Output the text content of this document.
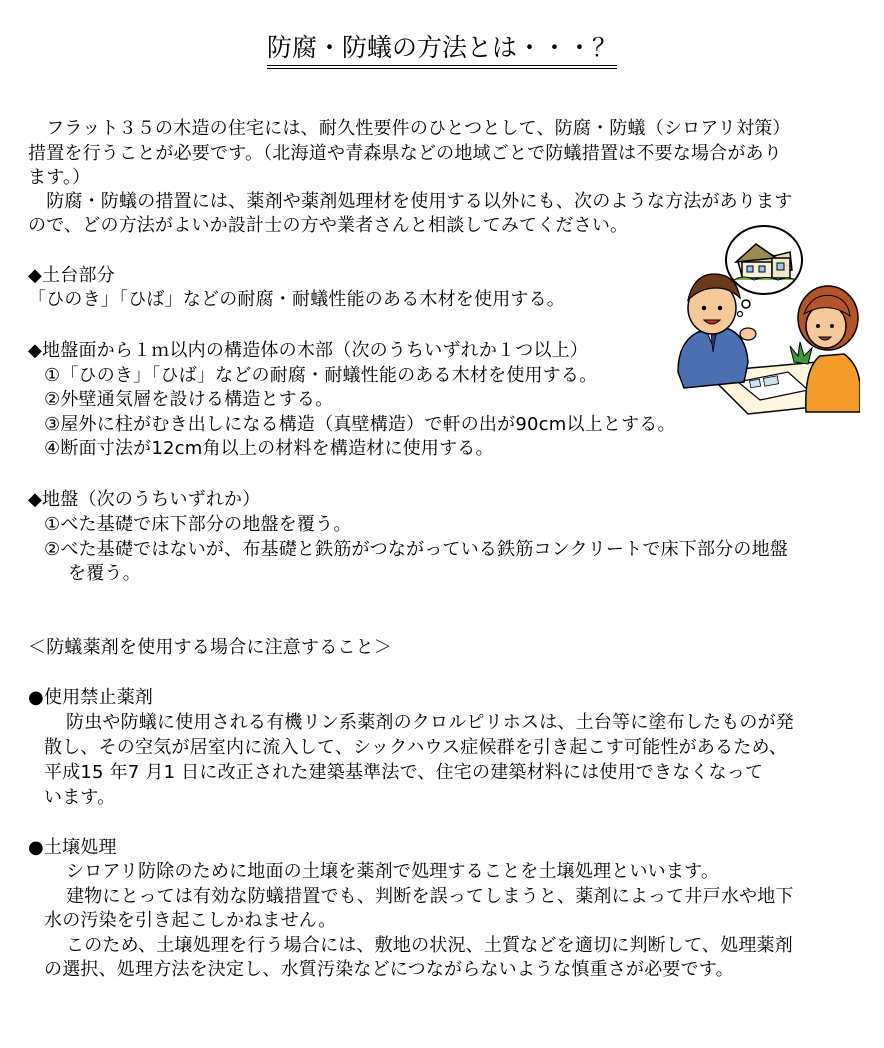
防腐・防蟻の方法とは・・・？
　フラット３５の木造の住宅には、耐久性要件のひとつとして、防腐・防蟻（シロアリ対策）
措置を行うことが必要です。（北海道や青森県などの地域ごとで防蟻措置は不要な場合があり
ます。）
　防腐・防蟻の措置には、薬剤や薬剤処理材を使用する以外にも、次のような方法があります
ので、どの方法がよいか設計士の方や業者さんと相談してみてください。
◆土台部分
「ひのき」「ひば」などの耐腐・耐蟻性能のある木材を使用する。
◆地盤面から１ｍ以内の構造体の木部（次のうちいずれか１つ以上）
①「ひのき」「ひば」などの耐腐・耐蟻性能のある木材を使用する。
②外壁通気層を設ける構造とする。
③屋外に柱がむき出しになる構造（真壁構造）で軒の出が90cm以上とする。
④断面寸法が12cm角以上の材料を構造材に使用する。
◆地盤（次のうちいずれか）
①べた基礎で床下部分の地盤を覆う。
②べた基礎ではないが、布基礎と鉄筋がつながっている鉄筋コンクリートで床下部分の地盤
を覆う。
＜防蟻薬剤を使用する場合に注意すること＞
●使用禁止薬剤
防虫や防蟻に使用される有機リン系薬剤のクロルピリホスは、土台等に塗布したものが発
散し、その空気が居室内に流入して、シックハウス症候群を引き起こす可能性があるため、
平成15 年7 月1 日に改正された建築基準法で、住宅の建築材料には使用できなくなって
います。
●土壌処理
シロアリ防除のために地面の土壌を薬剤で処理することを土壌処理といいます。
建物にとっては有効な防蟻措置でも、判断を誤ってしまうと、薬剤によって井戸水や地下
水の汚染を引き起こしかねません。
このため、土壌処理を行う場合には、敷地の状況、土質などを適切に判断して、処理薬剤
の選択、処理方法を決定し、水質汚染などにつながらないような慎重さが必要です。
